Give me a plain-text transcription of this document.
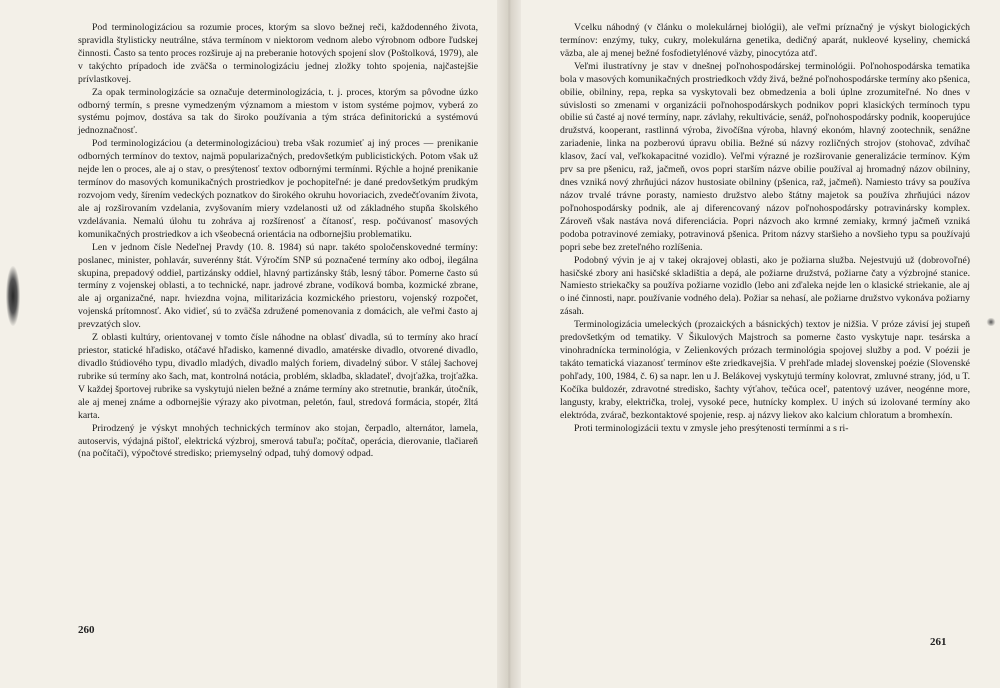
Pod terminologizáciou sa rozumie proces, ktorým sa slovo bežnej reči, každodenného života, spravidla štylisticky neutrálne, stáva termínom v niektorom vednom alebo výrobnom odbore ľudskej činnosti. Často sa tento proces rozširuje aj na preberanie hotových spojení slov (Poštolková, 1979), ale v takýchto prípadoch ide zväčša o terminologizáciu jednej zložky tohto spojenia, najčastejšie prívlastkovej.

Za opak terminologizácie sa označuje determinologizácia, t. j. proces, ktorým sa pôvodne úzko odborný termín, s presne vymedzeným významom a miestom v istom systéme pojmov, vyberá zo systému pojmov, dostáva sa tak do široko používania a tým stráca definitorickú a systémovú jednoznačnosť.

Pod terminologizáciou (a determinologizáciou) treba však rozumieť aj iný proces — prenikanie odborných termínov do textov, najmä popularizačných, predovšetkým publicistických. Potom však už nejde len o proces, ale aj o stav, o presýtenosť textov odbornými termínmi. Rýchle a hojné prenikanie termínov do masových komunikačných prostriedkov je pochopiteľné: je dané predovšetkým prudkým rozvojom vedy, šírením vedeckých poznatkov do širokého okruhu hovoriacich, zvedečťovaním života, ale aj rozširovaním vzdelania, zvyšovaním miery vzdelanosti už od základného stupňa školského vzdelávania. Nemalú úlohu tu zohráva aj rozšírenosť a čítanosť, resp. počúvanosť masových komunikačných prostriedkov a ich všeobecná orientácia na odbornejšiu problematiku.

Len v jednom čísle Nedeľnej Pravdy (10. 8. 1984) sú napr. takéto spoločenskovedné termíny: poslanec, minister, pohlavár, suverénny štát. Výročím SNP sú poznačené termíny ako odboj, ilegálna skupina, prepadový oddiel, partizánsky oddiel, hlavný partizánsky štáb, lesný tábor. Pomerne často sú termíny z vojenskej oblasti, a to technické, napr. jadrové zbrane, vodíková bomba, kozmické zbrane, ale aj organizačné, napr. hviezdna vojna, militarizácia kozmického priestoru, vojenský rozpočet, vojenská prítomnosť. Ako vidieť, sú to zväčša združené pomenovania z domácich, ale veľmi často aj prevzatých slov.

Z oblasti kultúry, orientovanej v tomto čísle náhodne na oblasť divadla, sú to termíny ako hrací priestor, statické hľadisko, otáčavé hľadisko, kamenné divadlo, amatérske divadlo, otvorené divadlo, divadlo štúdiového typu, divadlo mladých, divadlo malých foriem, divadelný súbor. V stálej šachovej rubrike sú termíny ako šach, mat, kontrolná notácia, problém, skladba, skladateľ, dvojťažka, trojťažka. V každej športovej rubrike sa vyskytujú nielen bežné a známe termíny ako stretnutie, brankár, útočník, ale aj menej známe a odbornejšie výrazy ako pivotman, peletón, faul, stredová formácia, stopér, žltá karta.

Prirodzený je výskyt mnohých technických termínov ako stojan, čerpadlo, alternátor, lamela, autoservis, výdajná pištoľ, elektrická výzbroj, smerová tabuľa; počítač, operácia, dierovanie, tlačiareň (na počítači), výpočtové stredisko; priemyselný odpad, tuhý domový odpad.

260

Vcelku náhodný (v článku o molekulárnej biológii), ale veľmi príznačný je výskyt biologických termínov: enzýmy, tuky, cukry, molekulárna genetika, dedičný aparát, nukleové kyseliny, chemická väzba, ale aj menej bežné fosfodietylénové väzby, pinocytóza atď.

Veľmi ilustratívny je stav v dnešnej poľnohospodárskej terminológii. Poľnohospodárska tematika bola v masových komunikačných prostriedkoch vždy živá, bežné poľnohospodárske termíny ako pšenica, obilie, obilniny, repa, repka sa vyskytovali bez obmedzenia a boli úplne zrozumiteľné. No dnes v súvislosti so zmenami v organizácii poľnohospodárskych podnikov popri klasických termínoch typu obilie sú časté aj nové termíny, napr. závlahy, rekultivácie, senáž, poľnohospodársky podnik, kooperujúce družstvá, kooperant, rastlinná výroba, živočíšna výroba, hlavný ekonóm, hlavný zootechnik, senážne zariadenie, linka na pozberovú úpravu obilia. Bežné sú názvy rozličných strojov (stohovač, zdvíhač klasov, žací val, veľkokapacitné vozidlo). Veľmi výrazné je rozširovanie generalizácie termínov. Kým prv sa pre pšenicu, raž, jačmeň, ovos popri starším názve obilie používal aj hromadný názov obilniny, dnes vzniká nový zhrňujúci názov hustosiate obilniny (pšenica, raž, jačmeň). Namiesto trávy sa používa názov trvalé trávne porasty, namiesto družstvo alebo štátny majetok sa používa zhrňujúci názov poľnohospodársky podnik, ale aj diferencovaný názov poľnohospodársky potravinársky komplex. Zároveň však nastáva nová diferenciácia. Popri názvoch ako krmné zemiaky, krmný jačmeň vzniká podoba potravinové zemiaky, potravinová pšenica. Pritom názvy staršieho a novšieho typu sa používajú popri sebe bez zreteľného rozlíšenia.

Podobný vývin je aj v takej okrajovej oblasti, ako je požiarna služba. Nejestvujú už (dobrovoľné) hasičské zbory ani hasičské skladištia a depá, ale požiarne družstvá, požiarne čaty a výzbrojné stanice. Namiesto striekačky sa používa požiarne vozidlo (lebo ani zďaleka nejde len o klasické striekanie, ale aj o iné činnosti, napr. používanie vodného dela). Požiar sa nehasí, ale požiarne družstvo vykonáva požiarny zásah.

Terminologizácia umeleckých (prozaických a básnických) textov je nižšia. V próze závisí jej stupeň predovšetkým od tematiky. V Šikulových Majstroch sa pomerne často vyskytuje napr. tesárska a vinohradnícka terminológia, v Zelienkových prózach terminológia spojovej služby a pod. V poézii je takáto tematická viazanosť termínov ešte zriedkavejšia. V prehľade mladej slovenskej poézie (Slovenské pohľady, 100, 1984, č. 6) sa napr. len u J. Belákovej vyskytujú termíny kolovrat, zmluvné strany, jód, u T. Kočíka buldozér, zdravotné stredisko, šachty výťahov, tečúca oceľ, patentový uzáver, neogénne more, langusty, kraby, električka, trolej, vysoké pece, hutnícky komplex. U iných sú izolované termíny ako elektróda, zvárač, bezkontaktové spojenie, resp. aj názvy liekov ako kalcium chloratum a bromhexín.

Proti terminologizácii textu v zmysle jeho presýtenosti termínmi a s ri-

261
